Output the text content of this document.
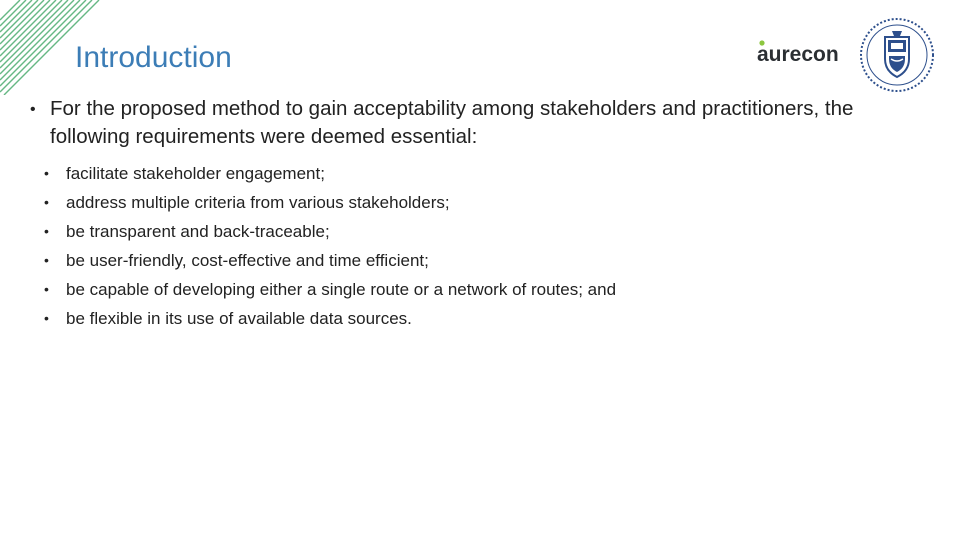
Introduction	aurecon
• For the proposed method to gain acceptability among stakeholders and practitioners, the following requirements were deemed essential:
•	facilitate stakeholder engagement;
•	address multiple criteria from various stakeholders;
•	be transparent and back-traceable;
•	be user-friendly, cost-effective and time efficient;
•	be capable of developing either a single route or a network of routes; and
•	be flexible in its use of available data sources.
